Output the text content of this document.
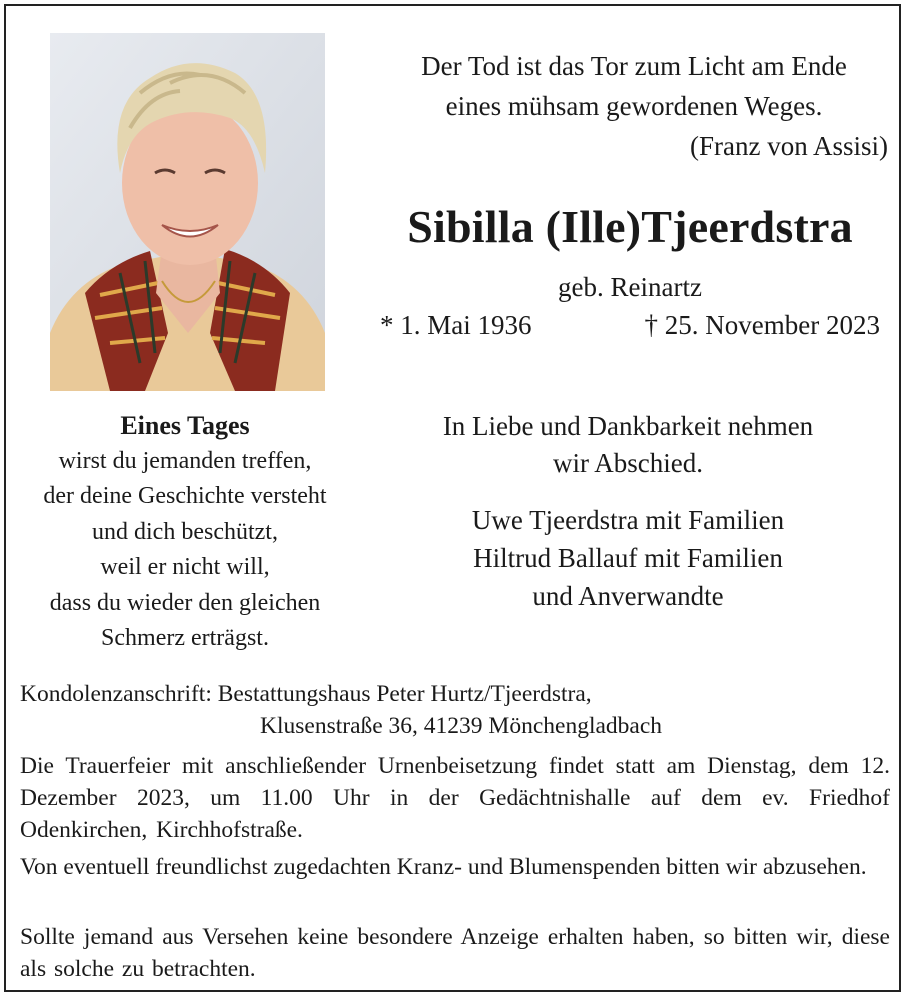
Der Tod ist das Tor zum Licht am Ende
eines mühsam gewordenen Weges.
(Franz von Assisi)
Sibilla (Ille)Tjeerdstra
geb. Reinartz
* 1. Mai 1936	† 25. November 2023
Eines Tages
wirst du jemanden treffen,
der deine Geschichte versteht
und dich beschützt,
weil er nicht will,
dass du wieder den gleichen
Schmerz erträgst.
In Liebe und Dankbarkeit nehmen
wir Abschied.
Uwe Tjeerdstra mit Familien
Hiltrud Ballauf mit Familien
und Anverwandte
Kondolenzanschrift: Bestattungshaus Peter Hurtz/Tjeerdstra,
Klusenstraße 36, 41239 Mönchengladbach
Die Trauerfeier mit anschließender Urnenbeisetzung findet statt am Dienstag, dem 12. Dezember 2023, um 11.00 Uhr in der Gedächtnishalle auf dem ev. Friedhof Odenkirchen, Kirchhofstraße.
Von eventuell freundlichst zugedachten Kranz- und Blumenspenden bitten wir abzusehen.
Sollte jemand aus Versehen keine besondere Anzeige erhalten haben, so bitten wir, diese als solche zu betrachten.
